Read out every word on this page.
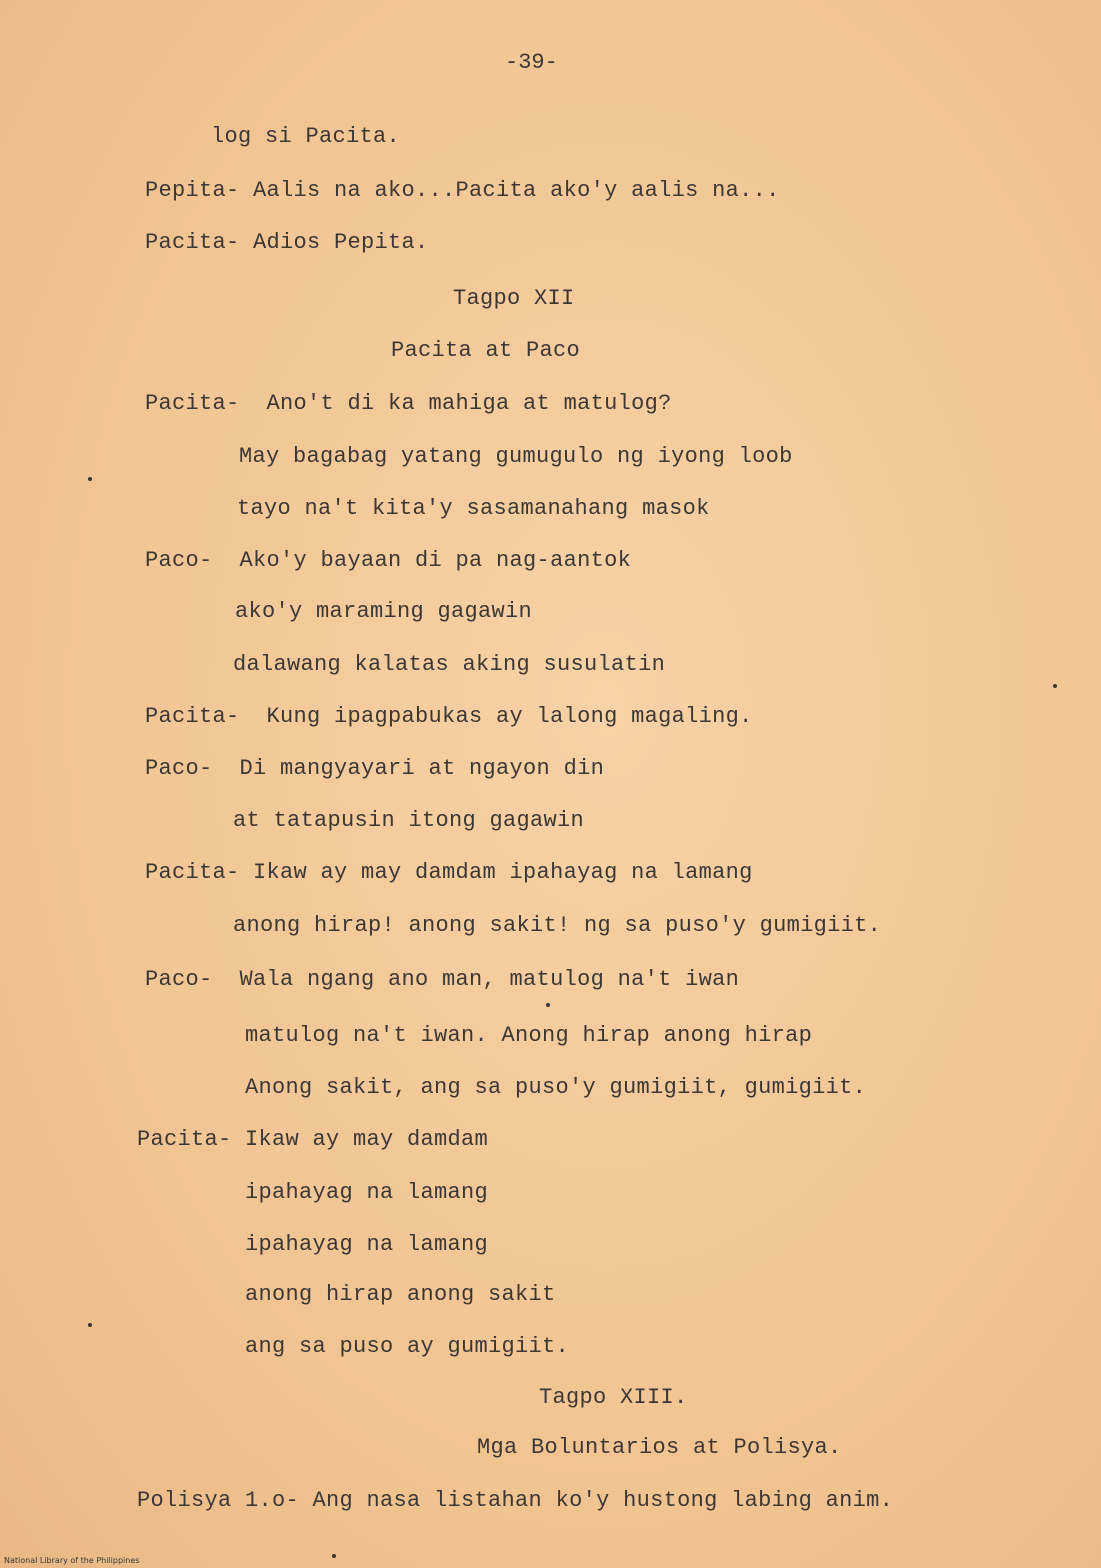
-39-
log si Pacita.
Pepita- Aalis na ako...Pacita ako'y aalis na...
Pacita- Adios Pepita.
Tagpo XII
Pacita at Paco
Pacita-  Ano't di ka mahiga at matulog?
May bagabag yatang gumugulo ng iyong loob
tayo na't kita'y sasamanahang masok
Paco-  Ako'y bayaan di pa nag-aantok
ako'y maraming gagawin
dalawang kalatas aking susulatin
Pacita-  Kung ipagpabukas ay lalong magaling.
Paco-  Di mangyayari at ngayon din
at tatapusin itong gagawin
Pacita- Ikaw ay may damdam ipahayag na lamang
anong hirap! anong sakit! ng sa puso'y gumigiit.
Paco-  Wala ngang ano man, matulog na't iwan
matulog na't iwan. Anong hirap anong hirap
Anong sakit, ang sa puso'y gumigiit, gumigiit.
Pacita- Ikaw ay may damdam
ipahayag na lamang
ipahayag na lamang
anong hirap anong sakit
ang sa puso ay gumigiit.
Tagpo XIII.
Mga Boluntarios at Polisya.
Polisya 1.o- Ang nasa listahan ko'y hustong labing anim.
National Library of the Philippines
